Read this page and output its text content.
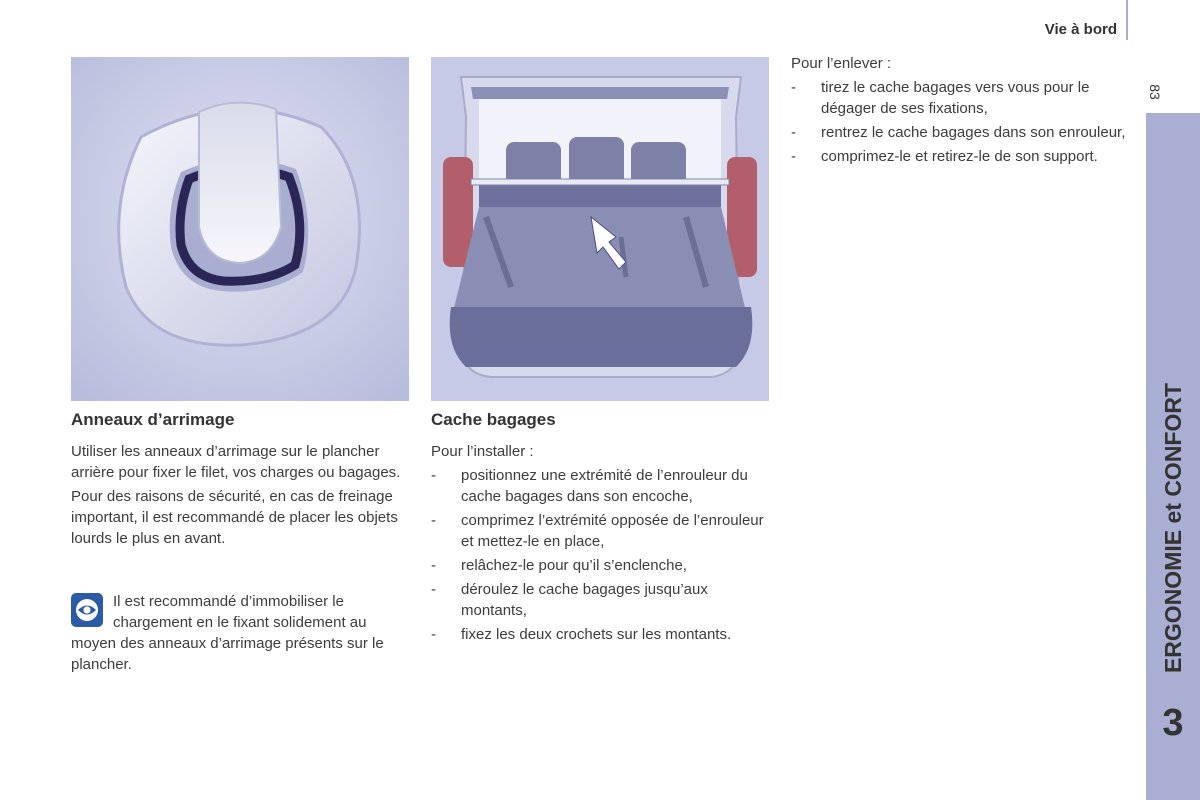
Vie à bord
83
ERGONOMIE et CONFORT
3
Anneaux d’arrimage

Utiliser les anneaux d’arrimage sur le plancher arrière pour fixer le filet, vos charges ou bagages.

Pour des raisons de sécurité, en cas de freinage important, il est recommandé de placer les objets lourds le plus en avant.

Il est recommandé d’immobiliser le chargement en le fixant solidement au moyen des anneaux d’arrimage présents sur le plancher.
Cache bagages

Pour l’installer :

- positionnez une extrémité de l’enrouleur du cache bagages dans son encoche,
- comprimez l’extrémité opposée de l’enrouleur et mettez-le en place,
- relâchez-le pour qu’il s’enclenche,
- déroulez le cache bagages jusqu’aux montants,
- fixez les deux crochets sur les montants.

Pour l’enlever :

- tirez le cache bagages vers vous pour le dégager de ses fixations,
- rentrez le cache bagages dans son enrouleur,
- comprimez-le et retirez-le de son support.
